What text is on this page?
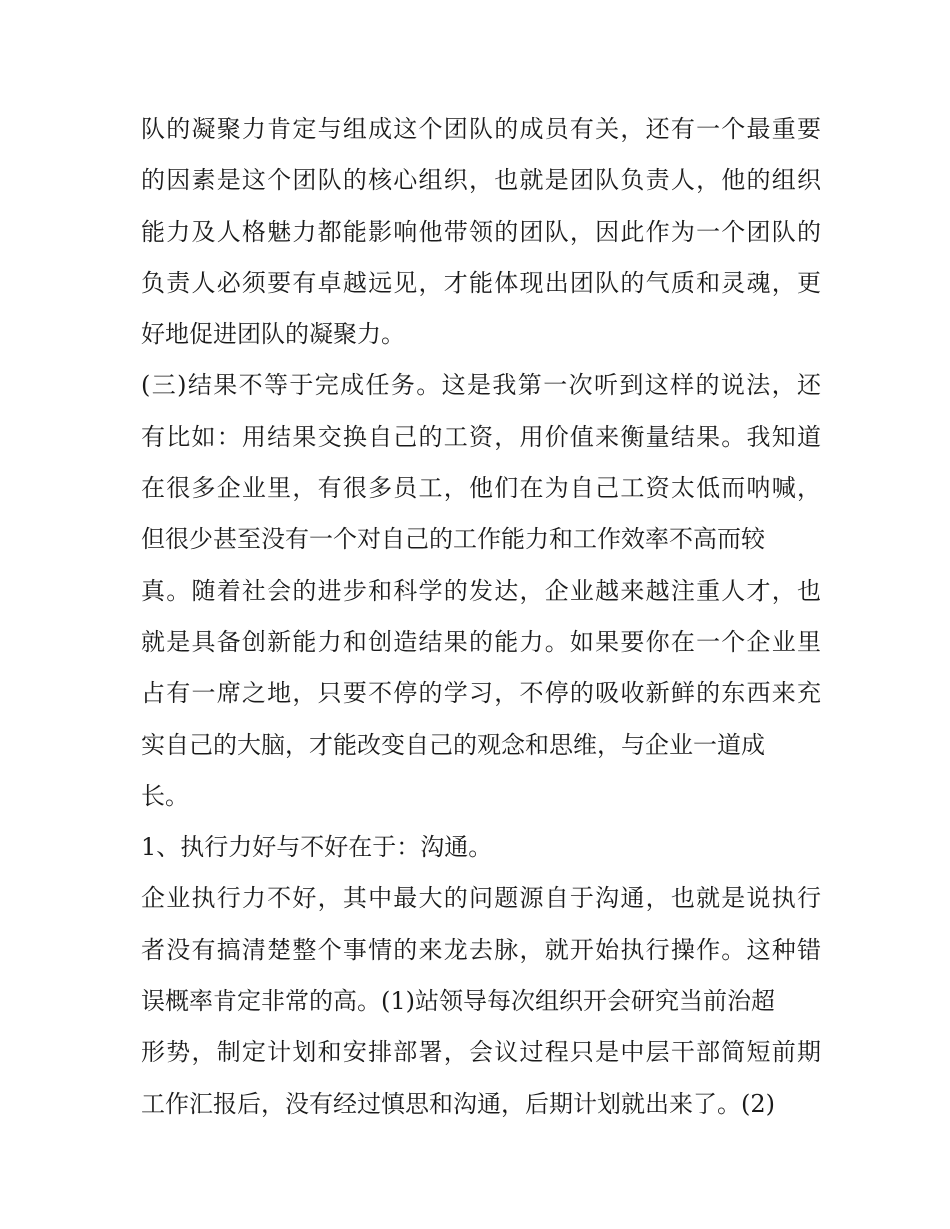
队的凝聚力肯定与组成这个团队的成员有关，还有一个最重要
的因素是这个团队的核心组织，也就是团队负责人，他的组织
能力及人格魅力都能影响他带领的团队，因此作为一个团队的
负责人必须要有卓越远见，才能体现出团队的气质和灵魂，更
好地促进团队的凝聚力。
(三)结果不等于完成任务。这是我第一次听到这样的说法，还
有比如：用结果交换自己的工资，用价值来衡量结果。我知道
在很多企业里，有很多员工，他们在为自己工资太低而呐喊，
但很少甚至没有一个对自己的工作能力和工作效率不高而较
真。随着社会的进步和科学的发达，企业越来越注重人才，也
就是具备创新能力和创造结果的能力。如果要你在一个企业里
占有一席之地，只要不停的学习，不停的吸收新鲜的东西来充
实自己的大脑，才能改变自己的观念和思维，与企业一道成
长。
1、执行力好与不好在于：沟通。
企业执行力不好，其中最大的问题源自于沟通，也就是说执行
者没有搞清楚整个事情的来龙去脉，就开始执行操作。这种错
误概率肯定非常的高。(1)站领导每次组织开会研究当前治超
形势，制定计划和安排部署，会议过程只是中层干部简短前期
工作汇报后，没有经过慎思和沟通，后期计划就出来了。(2)
